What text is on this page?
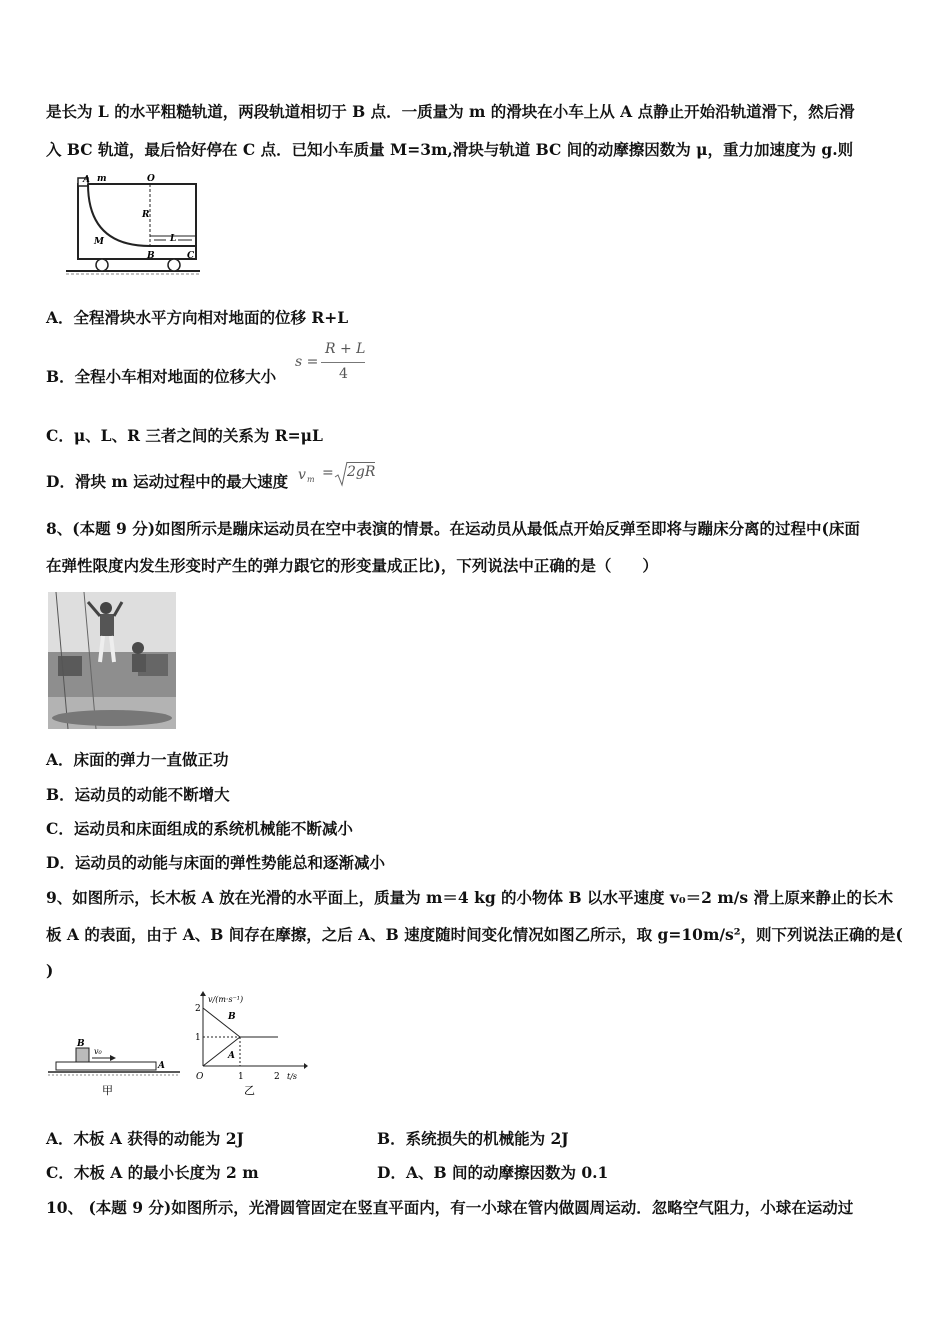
是长为 L 的水平粗糙轨道，两段轨道相切于 B 点．一质量为 m 的滑块在小车上从 A 点静止开始沿轨道滑下，然后滑
入 BC 轨道，最后恰好停在 C 点．已知小车质量 M=3m,滑块与轨道 BC 间的动摩擦因数为 μ，重力加速度为 g.则
A m	O
R
M
B
L
C
A．全程滑块水平方向相对地面的位移 R+L
B．全程小车相对地面的位移大小
s =
R + L
4
C．μ、L、R 三者之间的关系为 R=μL
D．滑块 m 运动过程中的最大速度 v m = 2gR
8、(本题 9 分)如图所示是蹦床运动员在空中表演的情景。在运动员从最低点开始反弹至即将与蹦床分离的过程中(床面
在弹性限度内发生形变时产生的弹力跟它的形变量成正比)，下列说法中正确的是（　　）
A．床面的弹力一直做正功
B．运动员的动能不断增大
C．运动员和床面组成的系统机械能不断减小
D．运动员的动能与床面的弹性势能总和逐渐减小
9、如图所示，长木板 A 放在光滑的水平面上，质量为 m＝4 kg 的小物体 B 以水平速度 v₀＝2 m/s 滑上原来静止的长木
板 A 的表面，由于 A、B 间存在摩擦，之后 A、B 速度随时间变化情况如图乙所示，取 g=10m/s²，则下列说法正确的是(
)
B
v₀
A
甲
v/(m·s⁻¹)
2
1
O	1	2 t/s
B
A
乙
A．木板 A 获得的动能为 2J	B．系统损失的机械能为 2J
C．木板 A 的最小长度为 2 m	D．A、B 间的动摩擦因数为 0.1
10、 (本题 9 分)如图所示，光滑圆管固定在竖直平面内，有一小球在管内做圆周运动．忽略空气阻力，小球在运动过
